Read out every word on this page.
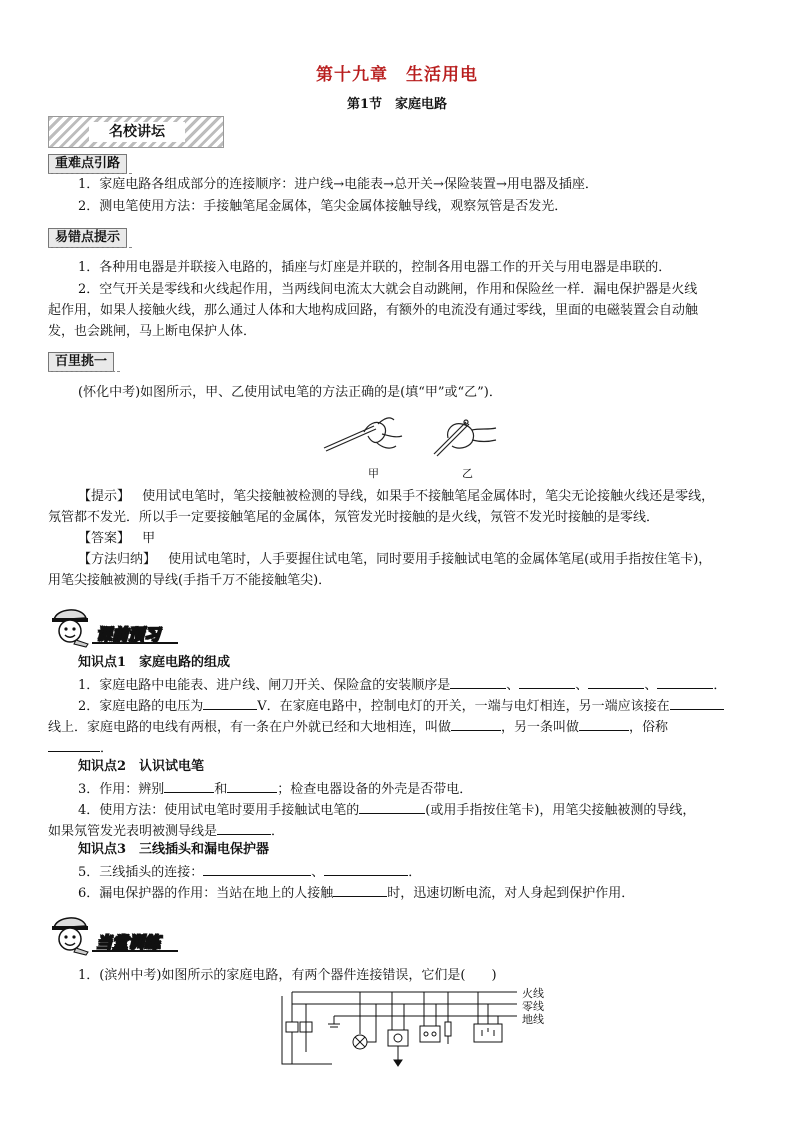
第十九章　生活用电
第1节　家庭电路
名校讲坛
重难点引路
1．家庭电路各组成部分的连接顺序：进户线→电能表→总开关→保险装置→用电器及插座．
2．测电笔使用方法：手接触笔尾金属体，笔尖金属体接触导线，观察氖管是否发光．
易错点提示
1．各种用电器是并联接入电路的，插座与灯座是并联的，控制各用电器工作的开关与用电器是串联的．
2．空气开关是零线和火线起作用，当两线间电流太大就会自动跳闸，作用和保险丝一样．漏电保护器是火线
起作用，如果人接触火线，那么通过人体和大地构成回路，有额外的电流没有通过零线，里面的电磁装置会自动触
发，也会跳闸，马上断电保护人体．
百里挑一
(怀化中考)如图所示，甲、乙使用试电笔的方法正确的是(填“甲”或“乙”)．
甲	乙
【提示】 使用试电笔时，笔尖接触被检测的导线，如果手不接触笔尾金属体时，笔尖无论接触火线还是零线，
氖管都不发光．所以手一定要接触笔尾的金属体，氖管发光时接触的是火线，氖管不发光时接触的是零线．
【答案】 甲
【方法归纳】 使用试电笔时，人手要握住试电笔，同时要用手接触试电笔的金属体笔尾(或用手指按住笔卡)，
用笔尖接触被测的导线(手指千万不能接触笔尖)．
课前预习
知识点1　家庭电路的组成
1．家庭电路中电能表、进户线、闸刀开关、保险盒的安装顺序是	、	、	、	．
2．家庭电路的电压为	V．在家庭电路中，控制电灯的开关，一端与电灯相连，另一端应该接在
线上．家庭电路的电线有两根，有一条在户外就已经和大地相连，叫做	，另一条叫做	，俗称
．
知识点2　认识试电笔
3．作用：辨别	和	；检查电器设备的外壳是否带电．
4．使用方法：使用试电笔时要用手接触试电笔的	(或用手指按住笔卡)，用笔尖接触被测的导线，
如果氖管发光表明被测导线是	．
知识点3　三线插头和漏电保护器
5．三线插头的连接：	、	．
6．漏电保护器的作用：当站在地上的人接触	时，迅速切断电流，对人身起到保护作用．
当堂训练
1．(滨州中考)如图所示的家庭电路，有两个器件连接错误，它们是(　　)
火线
零线
地线
